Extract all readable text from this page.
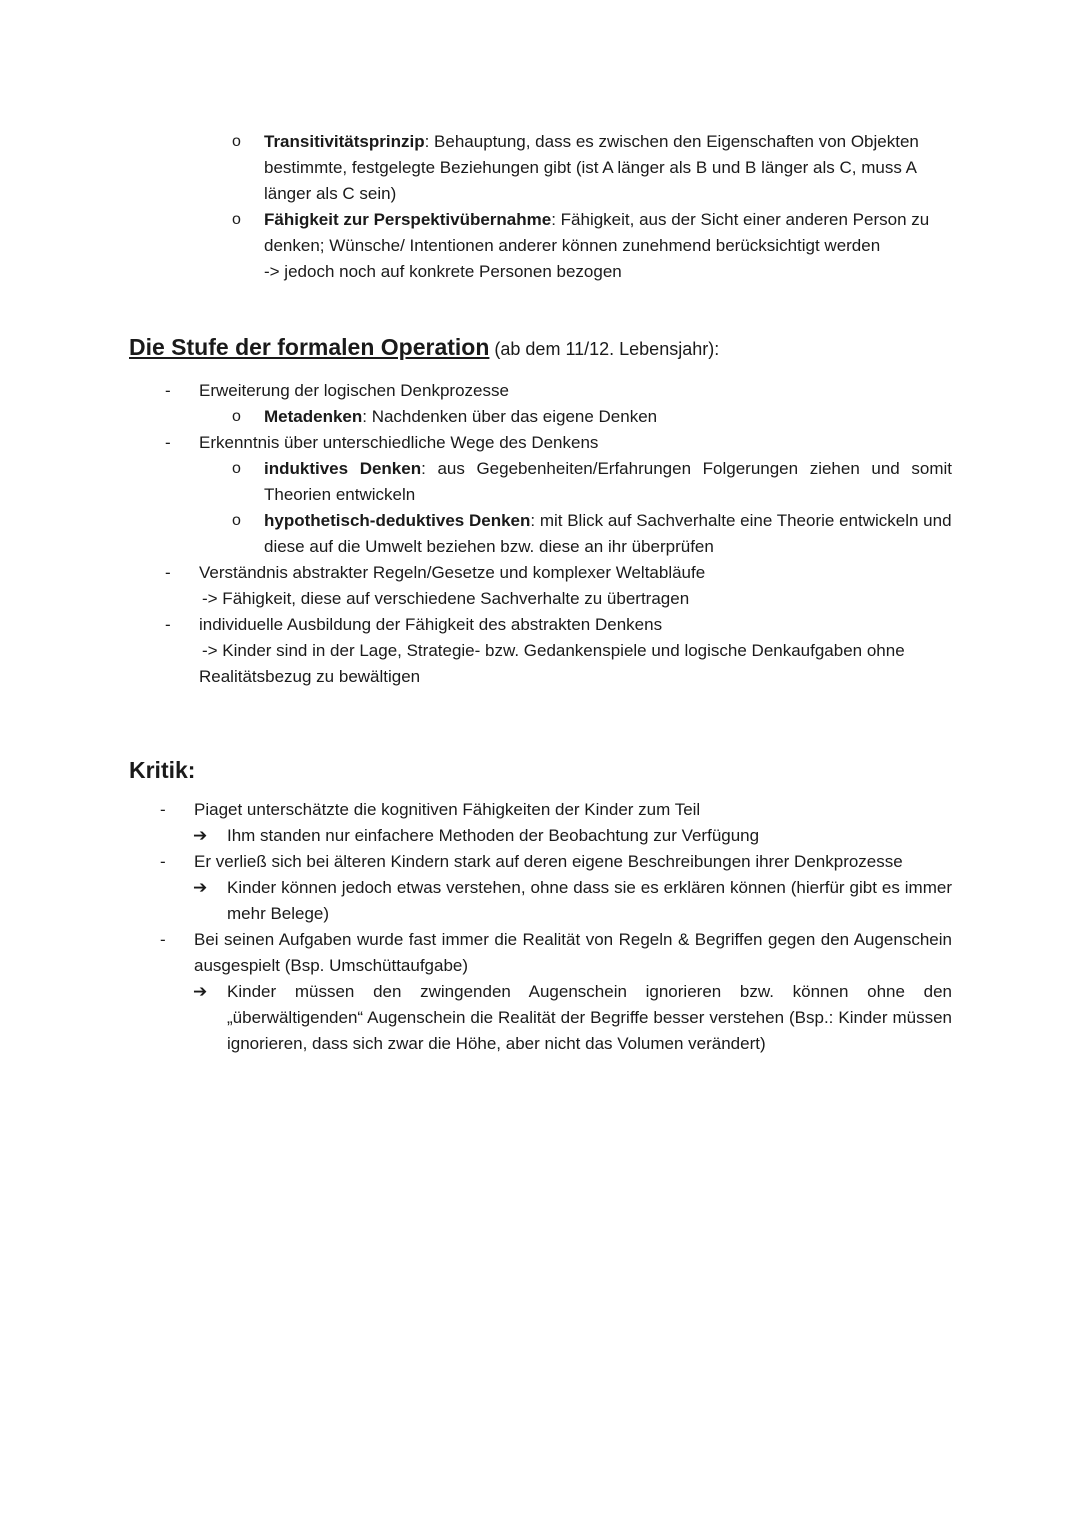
o Transitivitätsprinzip: Behauptung, dass es zwischen den Eigenschaften von Objekten bestimmte, festgelegte Beziehungen gibt (ist A länger als B und B länger als C, muss A länger als C sein)
o Fähigkeit zur Perspektivübernahme: Fähigkeit, aus der Sicht einer anderen Person zu denken; Wünsche/ Intentionen anderer können zunehmend berücksichtigt werden
-> jedoch noch auf konkrete Personen bezogen
Die Stufe der formalen Operation (ab dem 11/12. Lebensjahr):
- Erweiterung der logischen Denkprozesse
o Metadenken: Nachdenken über das eigene Denken
- Erkenntnis über unterschiedliche Wege des Denkens
o induktives Denken: aus Gegebenheiten/Erfahrungen Folgerungen ziehen und somit Theorien entwickeln
o hypothetisch-deduktives Denken: mit Blick auf Sachverhalte eine Theorie entwickeln und diese auf die Umwelt beziehen bzw. diese an ihr überprüfen
- Verständnis abstrakter Regeln/Gesetze und komplexer Weltabläufe
-> Fähigkeit, diese auf verschiedene Sachverhalte zu übertragen
- individuelle Ausbildung der Fähigkeit des abstrakten Denkens
-> Kinder sind in der Lage, Strategie- bzw. Gedankenspiele und logische Denkaufgaben ohne Realitätsbezug zu bewältigen
Kritik:
- Piaget unterschätzte die kognitiven Fähigkeiten der Kinder zum Teil
➔ Ihm standen nur einfachere Methoden der Beobachtung zur Verfügung
- Er verließ sich bei älteren Kindern stark auf deren eigene Beschreibungen ihrer Denkprozesse
➔ Kinder können jedoch etwas verstehen, ohne dass sie es erklären können (hierfür gibt es immer mehr Belege)
- Bei seinen Aufgaben wurde fast immer die Realität von Regeln & Begriffen gegen den Augenschein ausgespielt (Bsp. Umschüttaufgabe)
➔ Kinder müssen den zwingenden Augenschein ignorieren bzw. können ohne den „überwältigenden“ Augenschein die Realität der Begriffe besser verstehen (Bsp.: Kinder müssen ignorieren, dass sich zwar die Höhe, aber nicht das Volumen verändert)
